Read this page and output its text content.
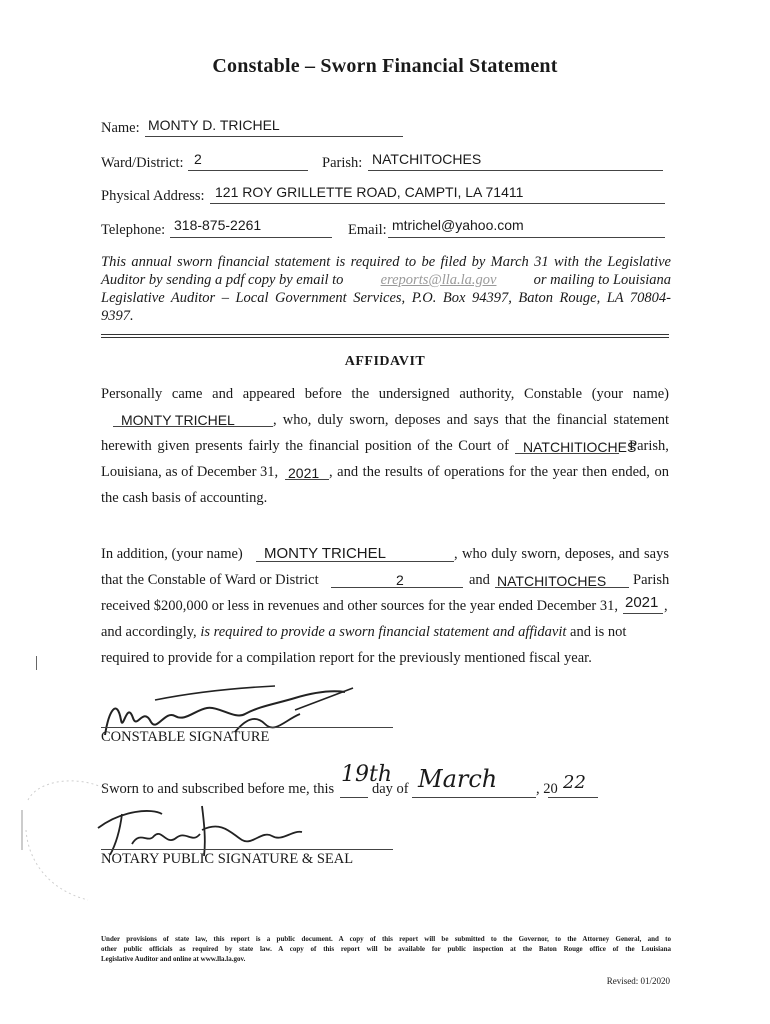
Constable – Sworn Financial Statement
Name: MONTY D. TRICHEL
Ward/District: 2	Parish: NATCHITOCHES
Physical Address: 121 ROY GRILLETTE ROAD, CAMPTI, LA 71411
Telephone: 318-875-2261	Email: mtrichel@yahoo.com
This annual sworn financial statement is required to be filed by March 31 with the Legislative
Auditor by sending a pdf copy by email to	ereports@lla.la.gov	or mailing to Louisiana
Legislative Auditor – Local Government Services, P.O. Box 94397, Baton Rouge, LA 70804-
9397.
AFFIDAVIT
Personally came and appeared before the undersigned authority, Constable (your name)
MONTY TRICHEL	, who, duly sworn, deposes and says that the financial statement
herewith given presents fairly the financial position of the Court of NATCHITIOCHES
Parish,
Louisiana, as of December 31, 2021 , and the results of operations for the year then ended, on
the cash basis of accounting.
In addition, (your name) MONTY TRICHEL	, who duly sworn, deposes, and says
that the Constable of Ward or District	2	and NATCHITOCHES Parish
received $200,000 or less in revenues and other sources for the year ended December 31, 2021 ,
and accordingly, is required to provide a sworn financial statement and affidavit and is not
required to provide for a compilation report for the previously mentioned fiscal year.
CONSTABLE SIGNATURE
Sworn to and subscribed before me, this
19th
day of March	, 20 22
NOTARY PUBLIC SIGNATURE & SEAL
Under provisions of state law, this report is a public document. A copy of this report will be submitted to the Governor, to the Attorney General, and to
other public officials as required by state law. A copy of this report will be available for public inspection at the Baton Rouge office of the Louisiana
Legislative Auditor and online at www.lla.la.gov.
Revised: 01/2020
